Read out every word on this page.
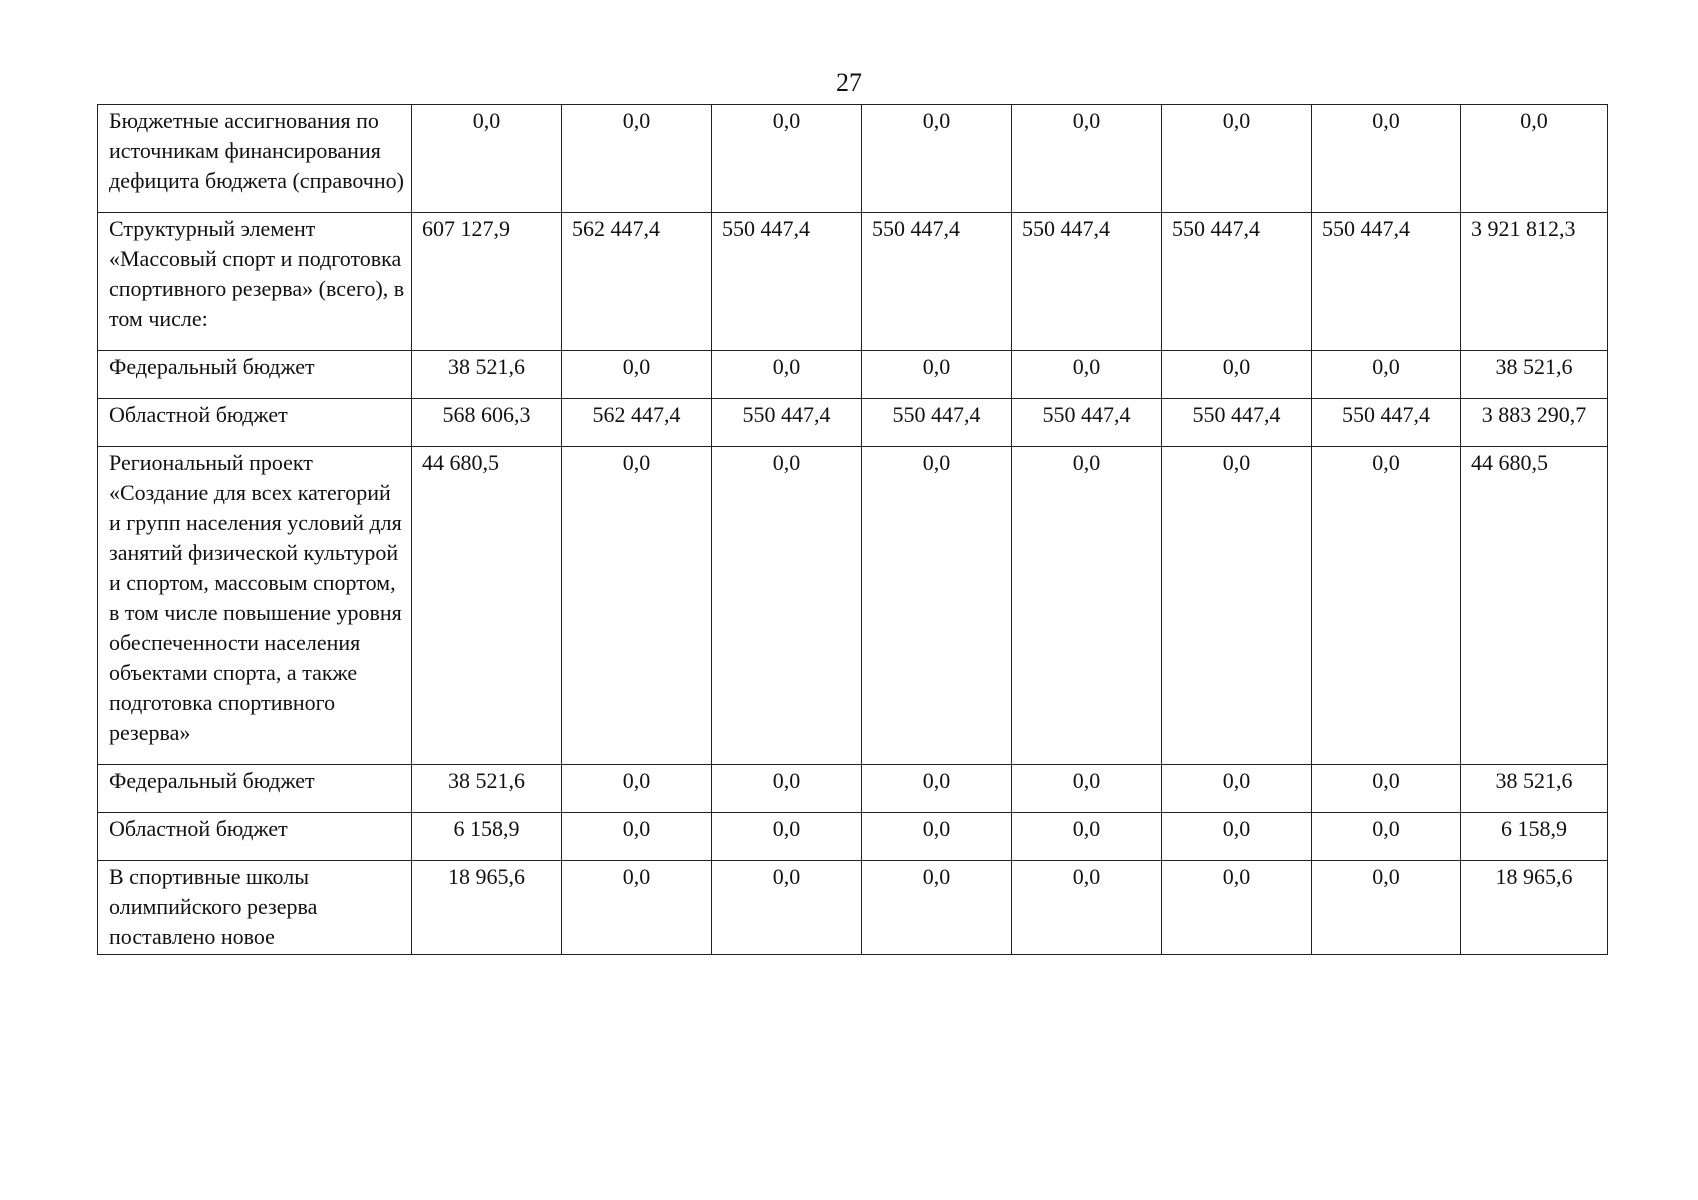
27
Бюджетные ассигнования по источникам финансирования дефицита бюджета (справочно)	0,0	0,0	0,0	0,0	0,0	0,0	0,0	0,0
Структурный элемент «Массовый спорт и подготовка спортивного резерва» (всего), в том числе:	607 127,9	562 447,4	550 447,4	550 447,4	550 447,4	550 447,4	550 447,4	3 921 812,3
Федеральный бюджет	38 521,6	0,0	0,0	0,0	0,0	0,0	0,0	38 521,6
Областной бюджет	568 606,3	562 447,4	550 447,4	550 447,4	550 447,4	550 447,4	550 447,4	3 883 290,7
Региональный проект «Создание для всех категорий и групп населения условий для занятий физической культурой и спортом, массовым спортом, в том числе повышение уровня обеспеченности населения объектами спорта, а также подготовка спортивного резерва»	44 680,5	0,0	0,0	0,0	0,0	0,0	0,0	44 680,5
Федеральный бюджет	38 521,6	0,0	0,0	0,0	0,0	0,0	0,0	38 521,6
Областной бюджет	6 158,9	0,0	0,0	0,0	0,0	0,0	0,0	6 158,9
В спортивные школы олимпийского резерва поставлено новое	18 965,6	0,0	0,0	0,0	0,0	0,0	0,0	18 965,6
